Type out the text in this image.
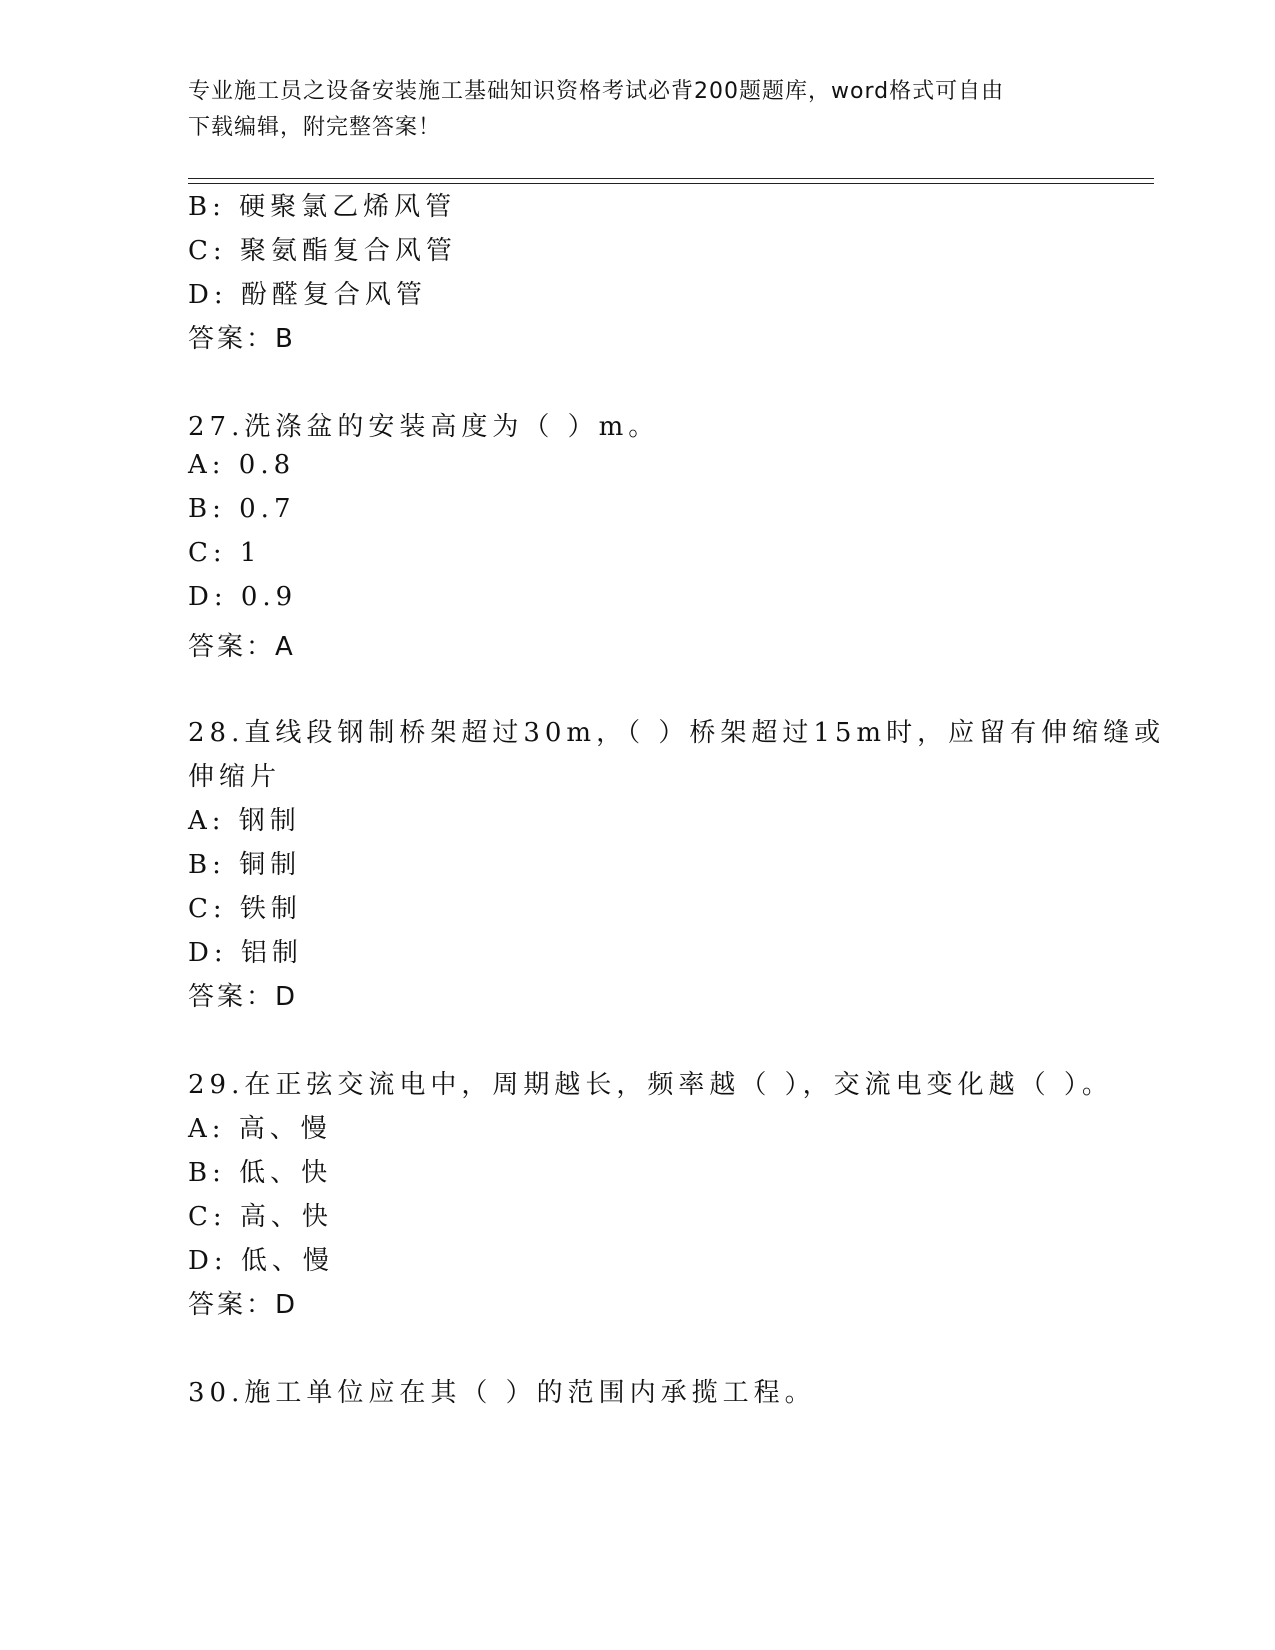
专业施工员之设备安装施工基础知识资格考试必背200题题库，word格式可自由
下载编辑，附完整答案！
B: 硬聚氯乙烯风管
C: 聚氨酯复合风管
D: 酚醛复合风管
答案：B
27.洗涤盆的安装高度为（ ）m。
A: 0.8
B: 0.7
C: 1
D: 0.9
答案：A
28.直线段钢制桥架超过30m，（ ）桥架超过15m时，应留有伸缩缝或
伸缩片
A: 钢制
B: 铜制
C: 铁制
D: 铝制
答案：D
29.在正弦交流电中，周期越长，频率越（ ），交流电变化越（ ）。
A: 高、慢
B: 低、快
C: 高、快
D: 低、慢
答案：D
30.施工单位应在其（ ）的范围内承揽工程。
